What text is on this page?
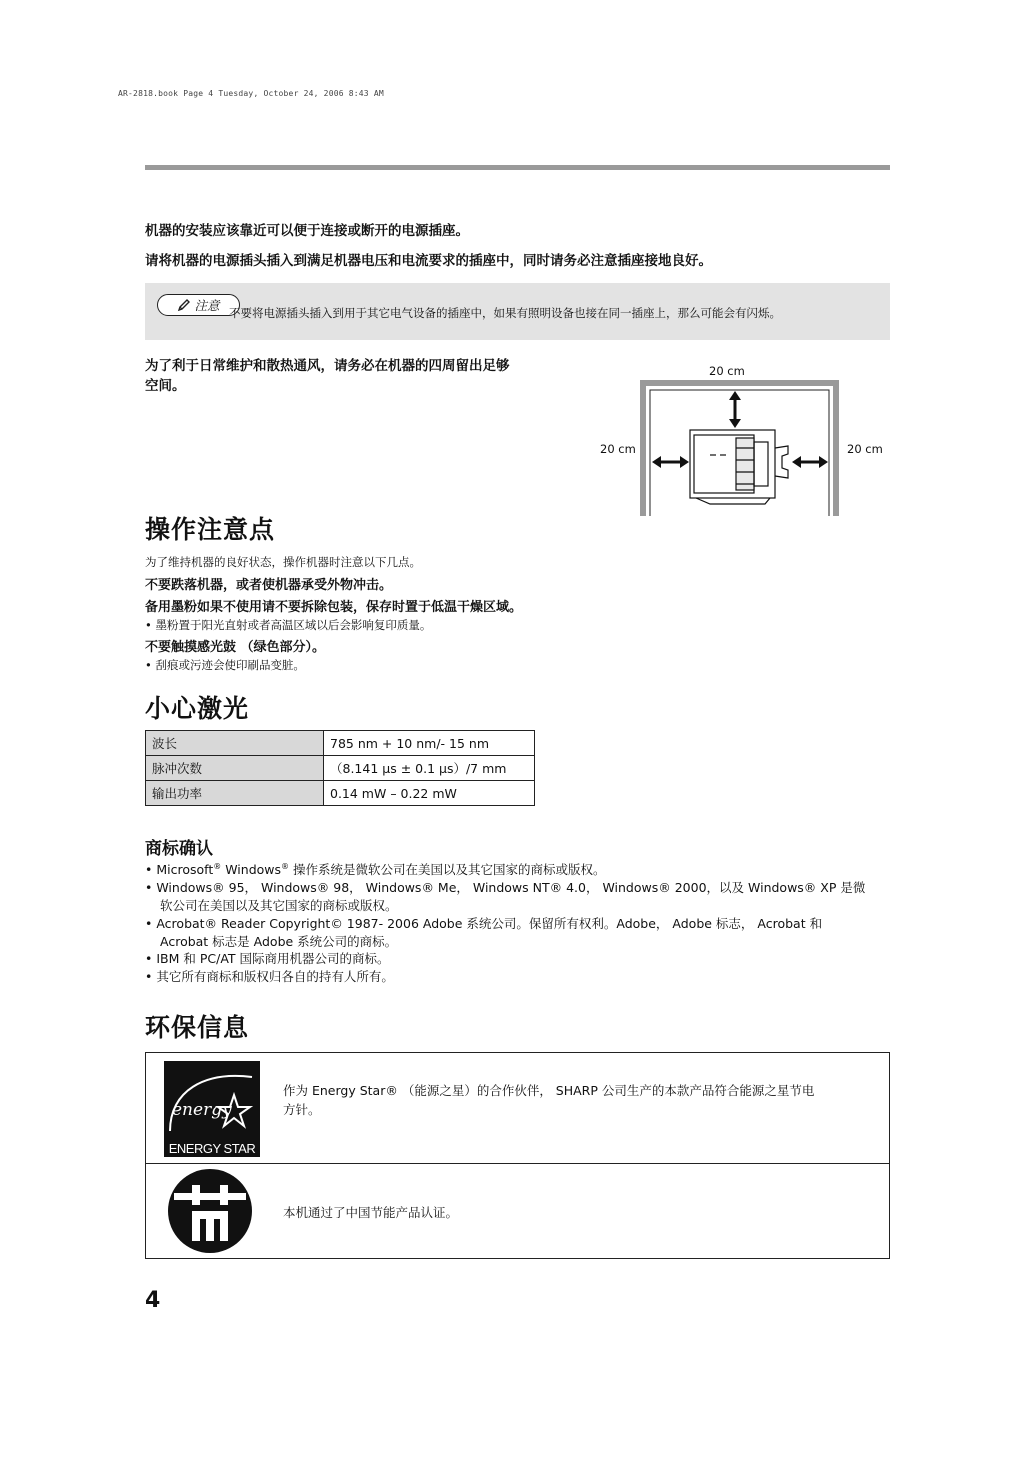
AR-2818.book Page 4 Tuesday, October 24, 2006 8:43 AM
机器的安装应该靠近可以便于连接或断开的电源插座。
请将机器的电源插头插入到满足机器电压和电流要求的插座中，同时请务必注意插座接地良好。
注意 不要将电源插头插入到用于其它电气设备的插座中，如果有照明设备也接在同一插座上，那么可能会有闪烁。
为了利于日常维护和散热通风，请务必在机器的四周留出足够
空间。
20 cm
20 cm	20 cm
操作注意点
为了维持机器的良好状态，操作机器时注意以下几点。
不要跌落机器，或者使机器承受外物冲击。
备用墨粉如果不使用请不要拆除包装，保存时置于低温干燥区域。
• 墨粉置于阳光直射或者高温区域以后会影响复印质量。
不要触摸感光鼓 （绿色部分）。
• 刮痕或污迹会使印刷品变脏。
小心激光
波长	785 nm + 10 nm/- 15 nm
脉冲次数	（8.141 μs ± 0.1 μs）/7 mm
输出功率	0.14 mW – 0.22 mW
商标确认
• Microsoft® Windows® 操作系统是微软公司在美国以及其它国家的商标或版权。
• Windows® 95， Windows® 98， Windows® Me， Windows NT® 4.0， Windows® 2000，以及 Windows® XP 是微
软公司在美国以及其它国家的商标或版权。
• Acrobat® Reader Copyright© 1987- 2006 Adobe 系统公司。保留所有权利。Adobe， Adobe 标志， Acrobat 和
Acrobat 标志是 Adobe 系统公司的商标。
• IBM 和 PC/AT 国际商用机器公司的商标。
• 其它所有商标和版权归各自的持有人所有。
环保信息
energy
ENERGY STAR
作为 Energy Star® （能源之星）的合作伙伴， SHARP 公司生产的本款产品符合能源之星节电
方针。
本机通过了中国节能产品认证。
4
